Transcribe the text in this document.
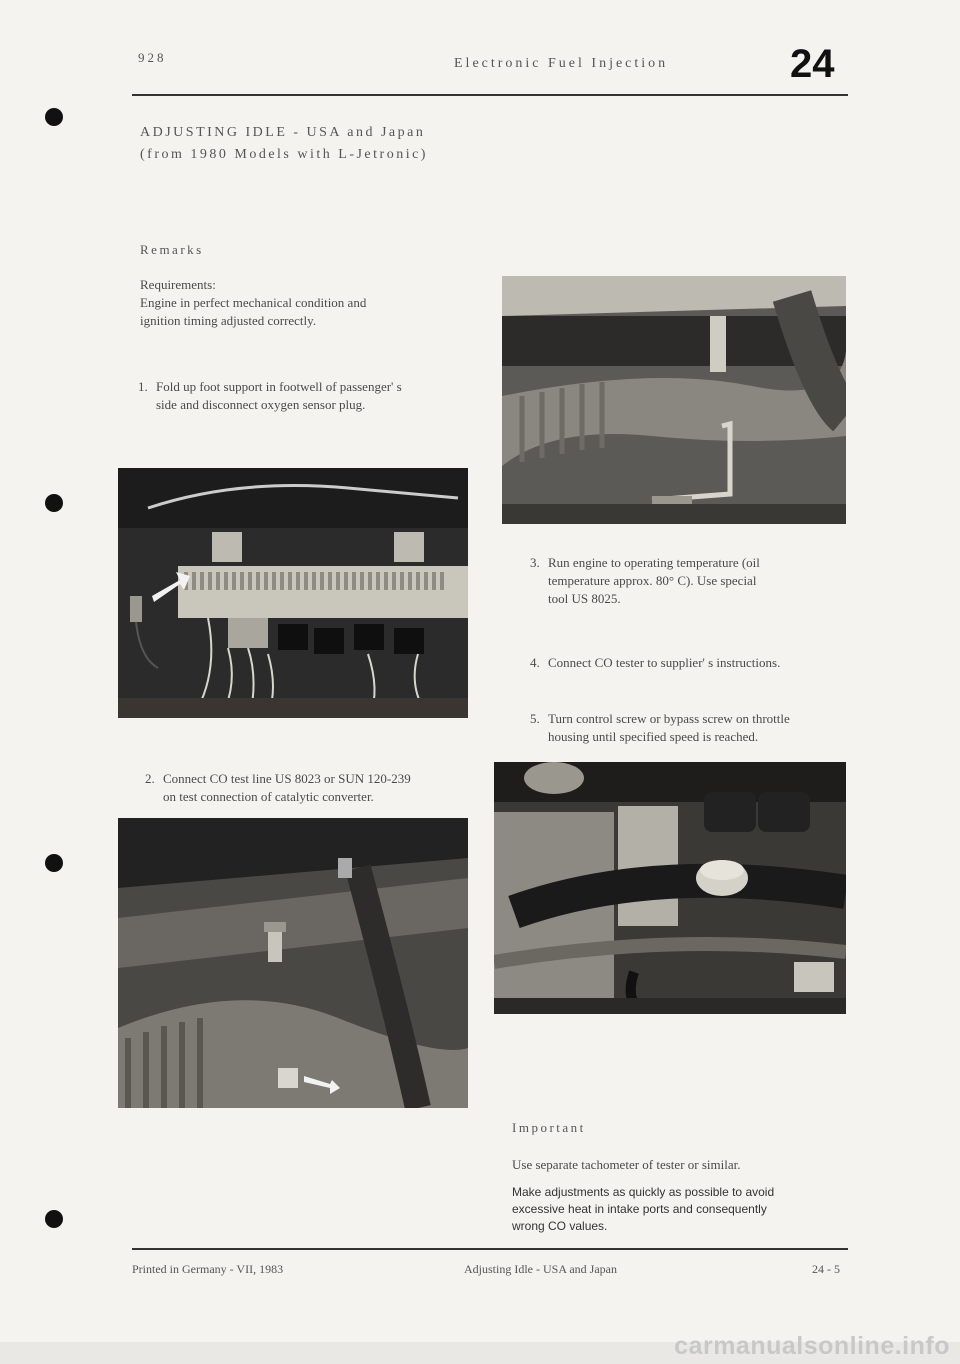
928	Electronic Fuel Injection	24
ADJUSTING IDLE - USA and Japan
(from 1980 Models with L-Jetronic)
Remarks
Requirements:
Engine in perfect mechanical condition and
ignition timing adjusted correctly.
1. Fold up foot support in footwell of passenger' s
side and disconnect oxygen sensor plug.
2. Connect CO test line US 8023 or SUN 120-239
on test connection of catalytic converter.
3. Run engine to operating temperature (oil
temperature approx. 80° C). Use special
tool US 8025.
4. Connect CO tester to supplier' s instructions.
5. Turn control screw or bypass screw on throttle
housing until specified speed is reached.
Important
Use separate tachometer of tester or similar.
Make adjustments as quickly as possible to avoid
excessive heat in intake ports and consequently
wrong CO values.
Printed in Germany - VII, 1983	Adjusting Idle - USA and Japan	24 - 5
carmanualsonline.info
